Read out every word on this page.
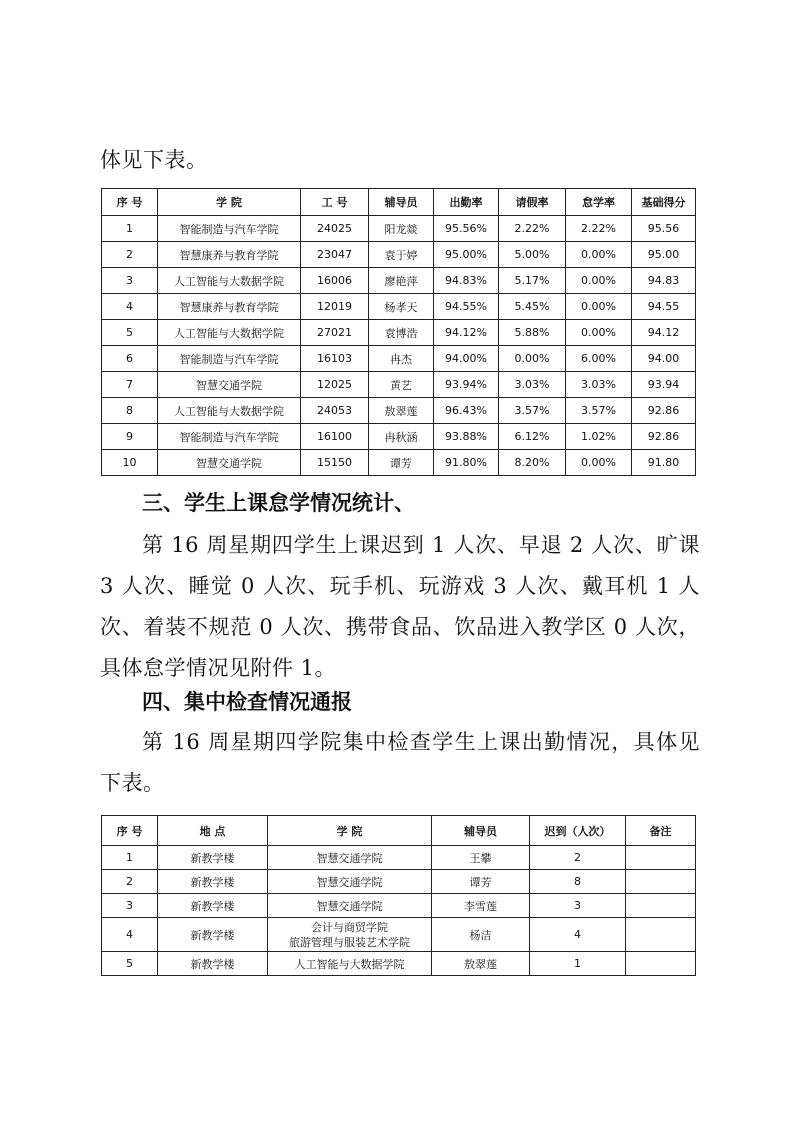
体见下表。

序 号	学 院	工 号	辅导员	出勤率	请假率	怠学率	基础得分
1	智能制造与汽车学院	24025	阳龙燚	95.56%	2.22%	2.22%	95.56
2	智慧康养与教育学院	23047	袁于婷	95.00%	5.00%	0.00%	95.00
3	人工智能与大数据学院	16006	廖艳萍	94.83%	5.17%	0.00%	94.83
4	智慧康养与教育学院	12019	杨孝天	94.55%	5.45%	0.00%	94.55
5	人工智能与大数据学院	27021	袁博浩	94.12%	5.88%	0.00%	94.12
6	智能制造与汽车学院	16103	冉杰	94.00%	0.00%	6.00%	94.00
7	智慧交通学院	12025	黄艺	93.94%	3.03%	3.03%	93.94
8	人工智能与大数据学院	24053	敖翠莲	96.43%	3.57%	3.57%	92.86
9	智能制造与汽车学院	16100	冉秋涵	93.88%	6.12%	1.02%	92.86
10	智慧交通学院	15150	谭芳	91.80%	8.20%	0.00%	91.80
三、学生上课怠学情况统计、

第 16 周星期四学生上课迟到 1 人次、早退 2 人次、旷课 3 人次、睡觉 0 人次、玩手机、玩游戏 3 人次、戴耳机 1 人次、着装不规范 0 人次、携带食品、饮品进入教学区 0 人次，具体怠学情况见附件 1。

四、集中检查情况通报

第 16 周星期四学院集中检查学生上课出勤情况，具体见下表。

序 号	地 点	学 院	辅导员	迟到（人次）	备注
1	新教学楼	智慧交通学院	王攀	2	
2	新教学楼	智慧交通学院	谭芳	8	
3	新教学楼	智慧交通学院	李雪莲	3	
4	新教学楼	会计与商贸学院
旅游管理与服装艺术学院	杨洁	4	
5	新教学楼	人工智能与大数据学院	敖翠莲	1	
